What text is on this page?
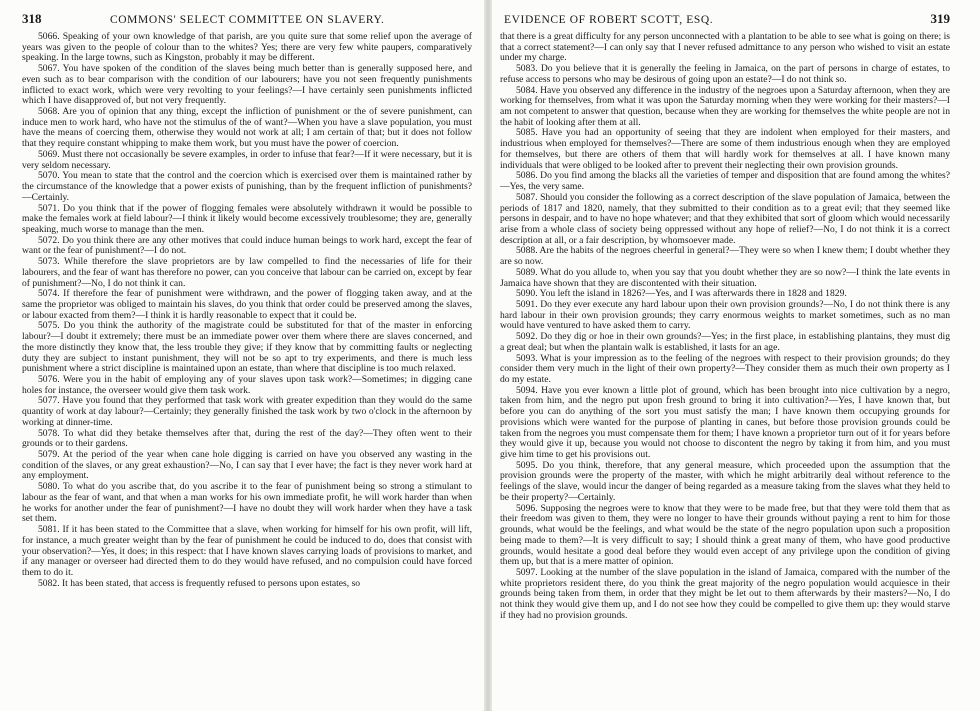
318	COMMONS' SELECT COMMITTEE ON SLAVERY.

5066. Speaking of your own knowledge of that parish, are you quite sure that some relief upon the average of years was given to the people of colour than to the whites? Yes; there are very few white paupers, comparatively speaking. In the large towns, such as Kingston, probably it may be different.

5067. You have spoken of the condition of the slaves being much better than is generally supposed here, and even such as to bear comparison with the condition of our labourers; have you not seen frequently punishments inflicted to exact work, which were very revolting to your feelings?—I have certainly seen punishments inflicted which I have disapproved of, but not very frequently.

5068. Are you of opinion that any thing, except the infliction of punishment or the of severe punishment, can induce men to work hard, who have not the stimulus of the of want?—When you have a slave population, you must have the means of coercing them, otherwise they would not work at all; I am certain of that; but it does not follow that they require constant whipping to make them work, but you must have the power of coercion.

5069. Must there not occasionally be severe examples, in order to infuse that fear?—If it were necessary, but it is very seldom necessary.

5070. You mean to state that the control and the coercion which is exercised over them is maintained rather by the circumstance of the knowledge that a power exists of punishing, than by the frequent infliction of punishments?—Certainly.

5071. Do you think that if the power of flogging females were absolutely withdrawn it would be possible to make the females work at field labour?—I think it likely would become excessively troublesome; they are, generally speaking, much worse to manage than the men.

5072. Do you think there are any other motives that could induce human beings to work hard, except the fear of want or the fear of punishment?—I do not.

5073. While therefore the slave proprietors are by law compelled to find the necessaries of life for their labourers, and the fear of want has therefore no power, can you conceive that labour can be carried on, except by fear of punishment?—No, I do not think it can.

5074. If therefore the fear of punishment were withdrawn, and the power of flogging taken away, and at the same the proprietor was obliged to maintain his slaves, do you think that order could be preserved among the slaves, or labour exacted from them?—I think it is hardly reasonable to expect that it could be.

5075. Do you think the authority of the magistrate could be substituted for that of the master in enforcing labour?—I doubt it extremely; there must be an immediate power over them where there are slaves concerned, and the more distinctly they know that, the less trouble they give; if they know that by committing faults or neglecting duty they are subject to instant punishment, they will not be so apt to try experiments, and there is much less punishment where a strict discipline is maintained upon an estate, than where that discipline is too much relaxed.

5076. Were you in the habit of employing any of your slaves upon task work?—Sometimes; in digging cane holes for instance, the overseer would give them task work.

5077. Have you found that they performed that task work with greater expedition than they would do the same quantity of work at day labour?—Certainly; they generally finished the task work by two o'clock in the afternoon by working at dinner-time.

5078. To what did they betake themselves after that, during the rest of the day?—They often went to their grounds or to their gardens.

5079. At the period of the year when cane hole digging is carried on have you observed any wasting in the condition of the slaves, or any great exhaustion?—No, I can say that I ever have; the fact is they never work hard at any employment.

5080. To what do you ascribe that, do you ascribe it to the fear of punishment being so strong a stimulant to labour as the fear of want, and that when a man works for his own immediate profit, he will work harder than when he works for another under the fear of punishment?—I have no doubt they will work harder when they have a task set them.

5081. If it has been stated to the Committee that a slave, when working for himself for his own profit, will lift, for instance, a much greater weight than by the fear of punishment he could be induced to do, does that consist with your observation?—Yes, it does; in this respect: that I have known slaves carrying loads of provisions to market, and if any manager or overseer had directed them to do they would have refused, and no compulsion could have forced them to do it.

5082. It has been stated, that access is frequently refused to persons upon estates, so

EVIDENCE OF ROBERT SCOTT, ESQ.	319

that there is a great difficulty for any person unconnected with a plantation to be able to see what is going on there; is that a correct statement?—I can only say that I never refused admittance to any person who wished to visit an estate under my charge.

5083. Do you believe that it is generally the feeling in Jamaica, on the part of persons in charge of estates, to refuse access to persons who may be desirous of going upon an estate?—I do not think so.

5084. Have you observed any difference in the industry of the negroes upon a Saturday afternoon, when they are working for themselves, from what it was upon the Saturday morning when they were working for their masters?—I am not competent to answer that question, because when they are working for themselves the white people are not in the habit of looking after them at all.

5085. Have you had an opportunity of seeing that they are indolent when employed for their masters, and industrious when employed for themselves?—There are some of them industrious enough when they are employed for themselves, but there are others of them that will hardly work for themselves at all. I have known many individuals that were obliged to be looked after to prevent their neglecting their own provision grounds.

5086. Do you find among the blacks all the varieties of temper and disposition that are found among the whites?—Yes, the very same.

5087. Should you consider the following as a correct description of the slave population of Jamaica, between the periods of 1817 and 1820, namely, that they submitted to their condition as to a great evil; that they seemed like persons in despair, and to have no hope whatever; and that they exhibited that sort of gloom which would necessarily arise from a whole class of society being oppressed without any hope of relief?—No, I do not think it is a correct description at all, or a fair description, by whomsoever made.

5088. Are the habits of the negroes cheerful in general?—They were so when I knew them; I doubt whether they are so now.

5089. What do you allude to, when you say that you doubt whether they are so now?—I think the late events in Jamaica have shown that they are discontented with their situation.

5090. You left the island in 1826?—Yes, and I was afterwards there in 1828 and 1829.

5091. Do they ever execute any hard labour upon their own provision grounds?—No, I do not think there is any hard labour in their own provision grounds; they carry enormous weights to market sometimes, such as no man would have ventured to have asked them to carry.

5092. Do they dig or hoe in their own grounds?—Yes; in the first place, in establishing plantains, they must dig a great deal; but when the plantain walk is established, it lasts for an age.

5093. What is your impression as to the feeling of the negroes with respect to their provision grounds; do they consider them very much in the light of their own property?—They consider them as much their own property as I do my estate.

5094. Have you ever known a little plot of ground, which has been brought into nice cultivation by a negro, taken from him, and the negro put upon fresh ground to bring it into cultivation?—Yes, I have known that, but before you can do anything of the sort you must satisfy the man; I have known them occupying grounds for provisions which were wanted for the purpose of planting in canes, but before those provision grounds could be taken from the negroes you must compensate them for them; I have known a proprietor turn out of it for years before they would give it up, because you would not choose to discontent the negro by taking it from him, and you must give him time to get his provisions out.

5095. Do you think, therefore, that any general measure, which proceeded upon the assumption that the provision grounds were the property of the master, with which he might arbitrarily deal without reference to the feelings of the slave, would incur the danger of being regarded as a measure taking from the slaves what they held to be their property?—Certainly.

5096. Supposing the negroes were to know that they were to be made free, but that they were told them that as their freedom was given to them, they were no longer to have their grounds without paying a rent to him for those grounds, what would be the feelings, and what would be the state of the negro population upon such a proposition being made to them?—It is very difficult to say; I should think a great many of them, who have good productive grounds, would hesitate a good deal before they would even accept of any privilege upon the condition of giving them up, but that is a mere matter of opinion.

5097. Looking at the number of the slave population in the island of Jamaica, compared with the number of the white proprietors resident there, do you think the great majority of the negro population would acquiesce in their grounds being taken from them, in order that they might be let out to them afterwards by their masters?—No, I do not think they would give them up, and I do not see how they could be compelled to give them up: they would starve if they had no provision grounds.
